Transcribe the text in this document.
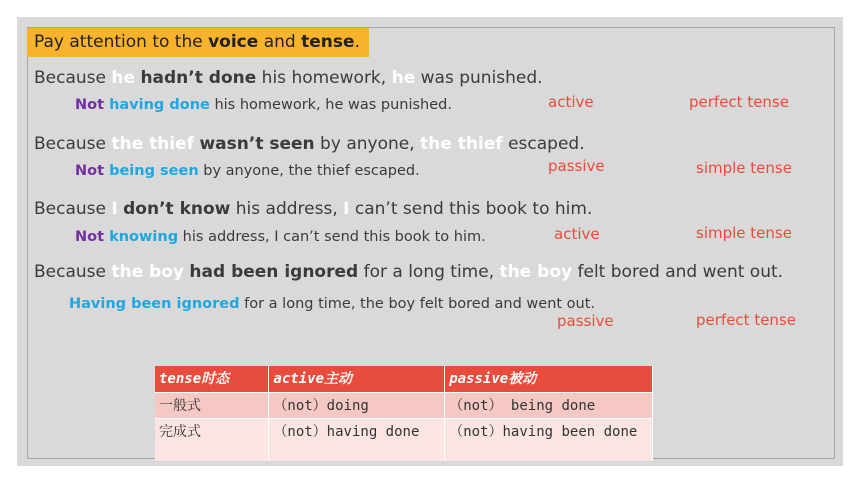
Pay attention to the voice and tense.
Because he hadn’t done his homework, he was punished.
Not having done his homework, he was punished.	active	perfect tense
Because the thief wasn’t seen by anyone, the thief escaped.
Not being seen by anyone, the thief escaped.	passive	simple tense
Because I don’t know his address, I can’t send this book to him.
Not knowing his address, I can’t send this book to him.	active	simple tense
Because the boy had been ignored for a long time, the boy felt bored and went out.
Having been ignored for a long time, the boy felt bored and went out.
passive	perfect tense
tense时态	active主动	passive被动
一般式	（not）doing	（not） being done
完成式	（not）having done	（not）having been done
